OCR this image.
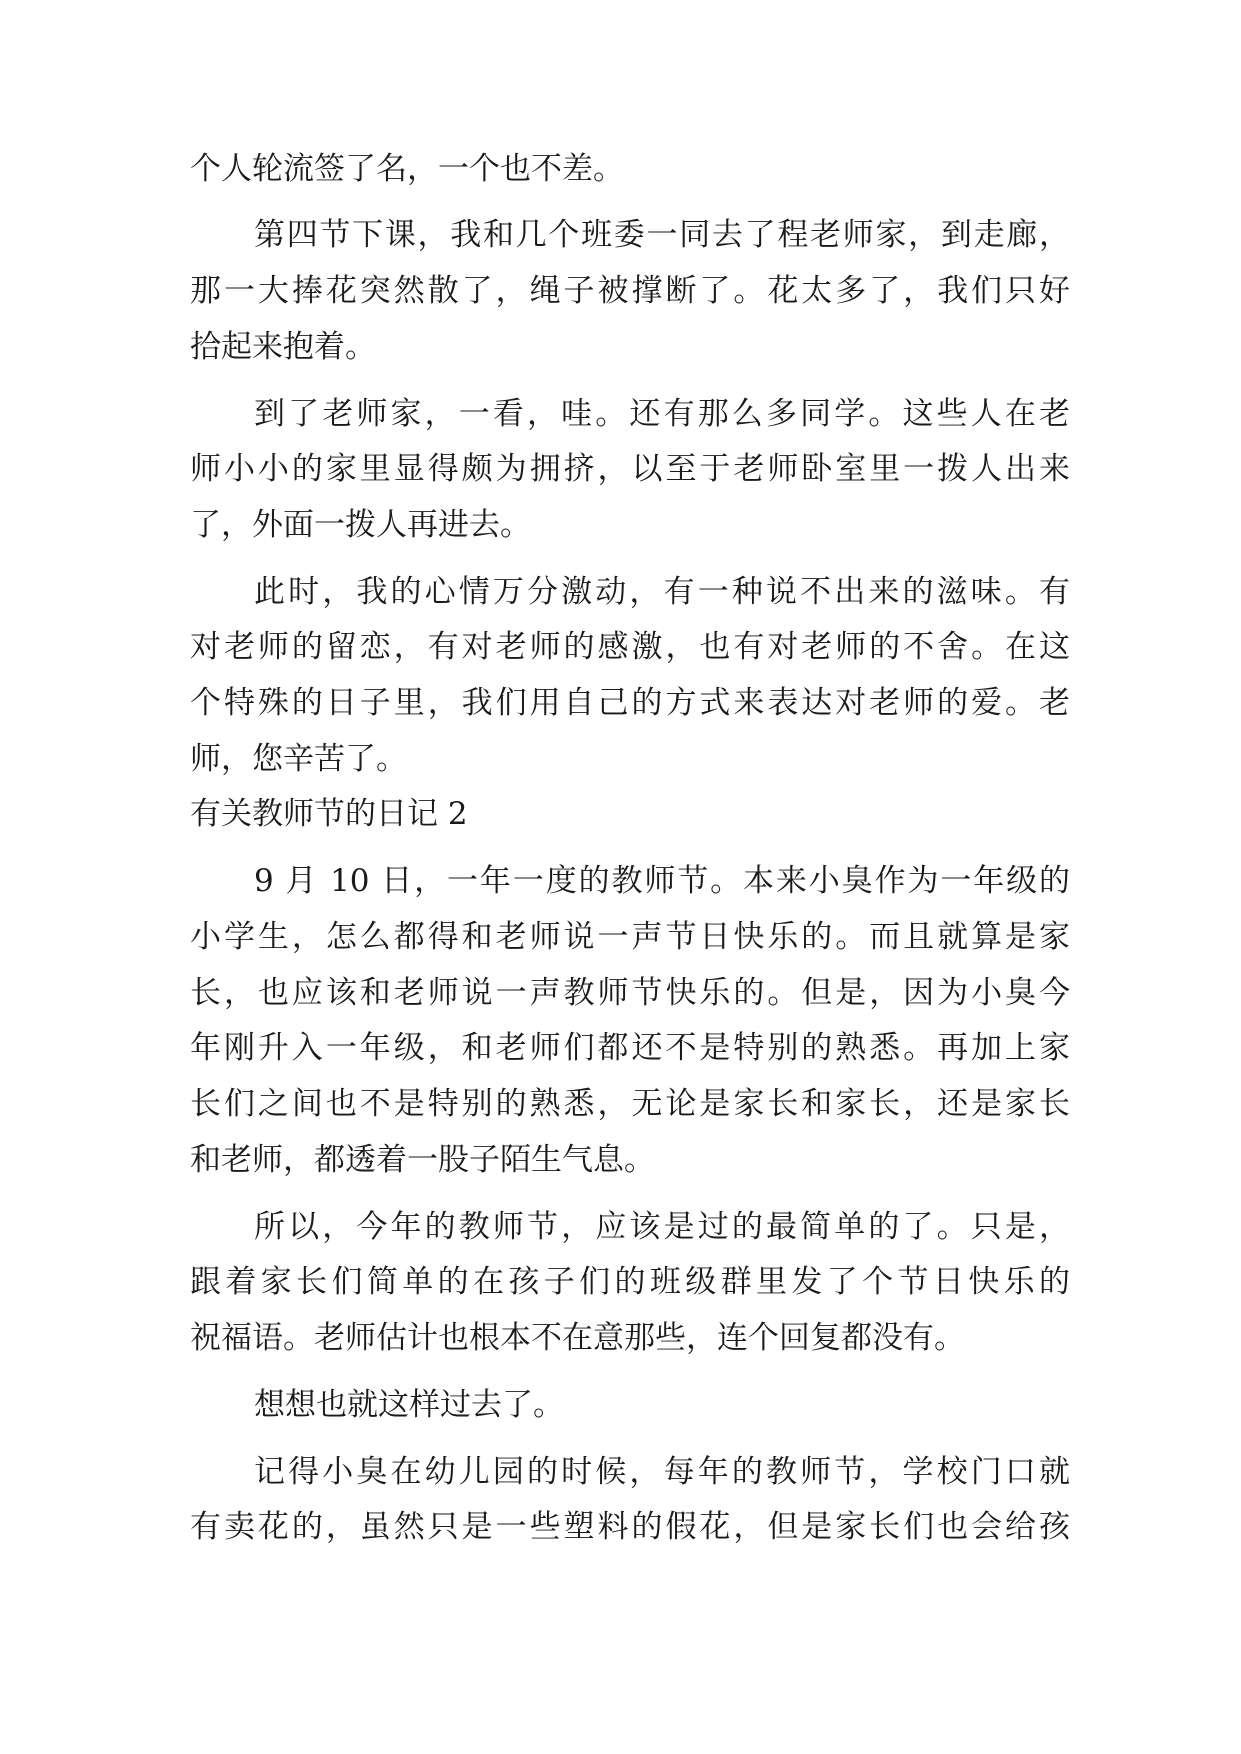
个人轮流签了名，一个也不差。
第四节下课，我和几个班委一同去了程老师家，到走廊，
那一大捧花突然散了，绳子被撑断了。花太多了，我们只好
拾起来抱着。
到了老师家，一看，哇。还有那么多同学。这些人在老
师小小的家里显得颇为拥挤，以至于老师卧室里一拨人出来
了，外面一拨人再进去。
此时，我的心情万分激动，有一种说不出来的滋味。有
对老师的留恋，有对老师的感激，也有对老师的不舍。在这
个特殊的日子里，我们用自己的方式来表达对老师的爱。老
师，您辛苦了。
有关教师节的日记 2
9 月 10 日，一年一度的教师节。本来小臭作为一年级的
小学生，怎么都得和老师说一声节日快乐的。而且就算是家
长，也应该和老师说一声教师节快乐的。但是，因为小臭今
年刚升入一年级，和老师们都还不是特别的熟悉。再加上家
长们之间也不是特别的熟悉，无论是家长和家长，还是家长
和老师，都透着一股子陌生气息。
所以，今年的教师节，应该是过的最简单的了。只是，
跟着家长们简单的在孩子们的班级群里发了个节日快乐的
祝福语。老师估计也根本不在意那些，连个回复都没有。
想想也就这样过去了。
记得小臭在幼儿园的时候，每年的教师节，学校门口就
有卖花的，虽然只是一些塑料的假花，但是家长们也会给孩
